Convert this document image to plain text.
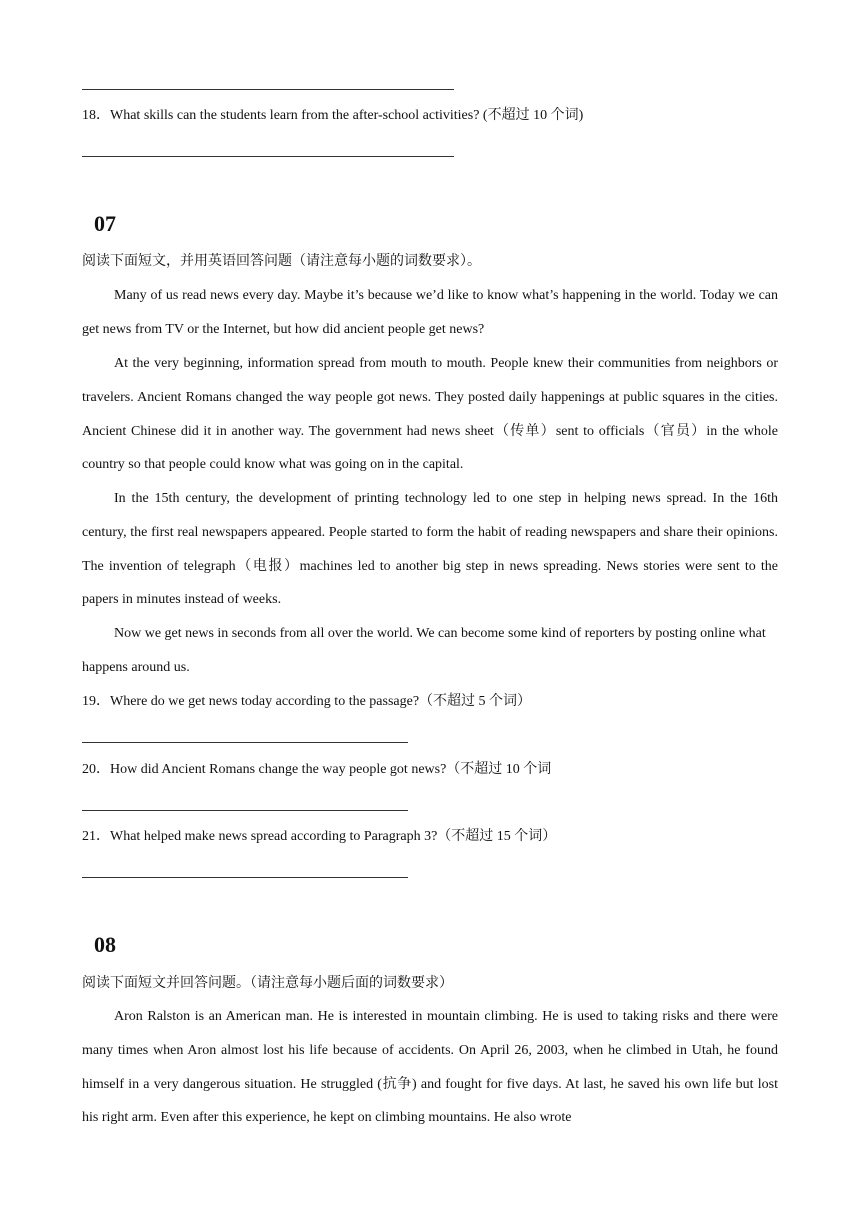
18．What skills can the students learn from the after-school activities? (不超过 10 个词)
07
阅读下面短文，并用英语回答问题（请注意每小题的词数要求）。

Many of us read news every day. Maybe it’s because we’d like to know what’s happening in the world. Today we can get news from TV or the Internet, but how did ancient people get news?

At the very beginning, information spread from mouth to mouth. People knew their communities from neighbors or travelers. Ancient Romans changed the way people got news. They posted daily happenings at public squares in the cities. Ancient Chinese did it in another way. The government had news sheet（传单）sent to officials（官员）in the whole country so that people could know what was going on in the capital.

In the 15th century, the development of printing technology led to one step in helping news spread. In the 16th century, the first real newspapers appeared. People started to form the habit of reading newspapers and share their opinions. The invention of telegraph（电报）machines led to another big step in news spreading. News stories were sent to the papers in minutes instead of weeks.

Now we get news in seconds from all over the world. We can become some kind of reporters by posting online what happens around us.

19．Where do we get news today according to the passage?（不超过 5 个词）
20．How did Ancient Romans change the way people got news?（不超过 10 个词
21．What helped make news spread according to Paragraph 3?（不超过 15 个词）
08
阅读下面短文并回答问题。（请注意每小题后面的词数要求）

Aron Ralston is an American man. He is interested in mountain climbing. He is used to taking risks and there were many times when Aron almost lost his life because of accidents. On April 26, 2003, when he climbed in Utah, he found himself in a very dangerous situation. He struggled (抗争) and fought for five days. At last, he saved his own life but lost his right arm. Even after this experience, he kept on climbing mountains. He also wrote
